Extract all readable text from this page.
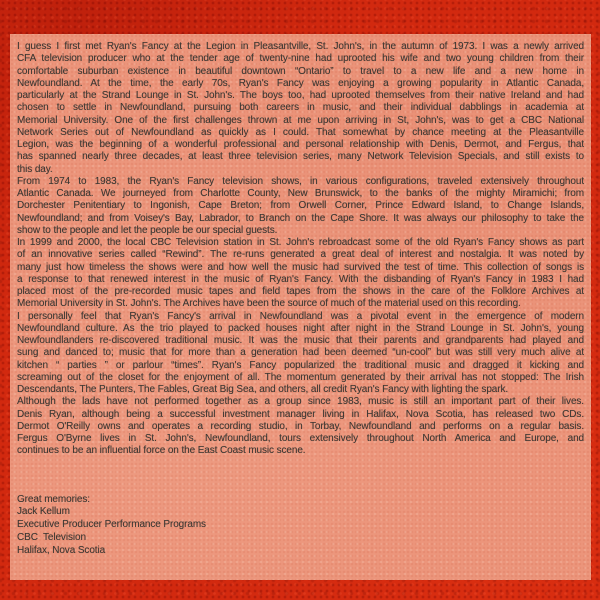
I guess I first met Ryan's Fancy at the Legion in Pleasantville, St. John's, in the autumn of 1973. I was a newly arrived
CFA television producer who at the tender age of twenty-nine had uprooted his wife and two young children from their
comfortable suburban existence in beautiful downtown “Ontario” to travel to a new life and a new home in
Newfoundland. At the time, the early 70s, Ryan's Fancy was enjoying a growing popularity in Atlantic Canada,
particularly at the Strand Lounge in St. John's. The boys too, had uprooted themselves from their native Ireland and had
chosen to settle in Newfoundland, pursuing both careers in music, and their individual dabblings in academia at
Memorial University. One of the first challenges thrown at me upon arriving in St, John's, was to get a CBC National
Network Series out of Newfoundland as quickly as I could. That somewhat by chance meeting at the Pleasantville
Legion, was the beginning of a wonderful professional and personal relationship with Denis, Dermot, and Fergus, that
has spanned nearly three decades, at least three television series, many Network Television Specials, and still exists to
this day.
From 1974 to 1983, the Ryan's Fancy television shows, in various configurations, traveled extensively throughout
Atlantic Canada. We journeyed from Charlotte County, New Brunswick, to the banks of the mighty Miramichi; from
Dorchester Penitentiary to Ingonish, Cape Breton; from Orwell Corner, Prince Edward Island, to Change Islands,
Newfoundland; and from Voisey's Bay, Labrador, to Branch on the Cape Shore. It was always our philosophy to take the
show to the people and let the people be our special guests.
In 1999 and 2000, the local CBC Television station in St. John's rebroadcast some of the old Ryan's Fancy shows as part
of an innovative series called “Rewind”. The re-runs generated a great deal of interest and nostalgia. It was noted by
many just how timeless the shows were and how well the music had survived the test of time. This collection of songs is
a response to that renewed interest in the music of Ryan's Fancy. With the disbanding of Ryan's Fancy in 1983 I had
placed most of the pre-recorded music tapes and field tapes from the shows in the care of the Folklore Archives at
Memorial University in St. John's. The Archives have been the source of much of the material used on this recording.
I personally feel that Ryan's Fancy's arrival in Newfoundland was a pivotal event in the emergence of modern
Newfoundland culture. As the trio played to packed houses night after night in the Strand Lounge in St. John's, young
Newfoundlanders re-discovered traditional music. It was the music that their parents and grandparents had played and
sung and danced to; music that for more than a generation had been deemed “un-cool” but was still very much alive at
kitchen “ parties ” or parlour “times”. Ryan's Fancy popularized the traditional music and dragged it kicking and
screaming out of the closet for the enjoyment of all. The momentum generated by their arrival has not stopped: The Irish
Descendants, The Punters, The Fables, Great Big Sea, and others, all credit Ryan's Fancy with lighting the spark.
Although the lads have not performed together as a group since 1983, music is still an important part of their lives.
Denis Ryan, although being a successful investment manager living in Halifax, Nova Scotia, has released two CDs.
Dermot O'Reilly owns and operates a recording studio, in Torbay, Newfoundland and performs on a regular basis.
Fergus O'Byrne lives in St. John's, Newfoundland, tours extensively throughout North America and Europe, and
continues to be an influential force on the East Coast music scene.
Great memories:
Jack Kellum
Executive Producer Performance Programs
CBC  Television
Halifax, Nova Scotia
